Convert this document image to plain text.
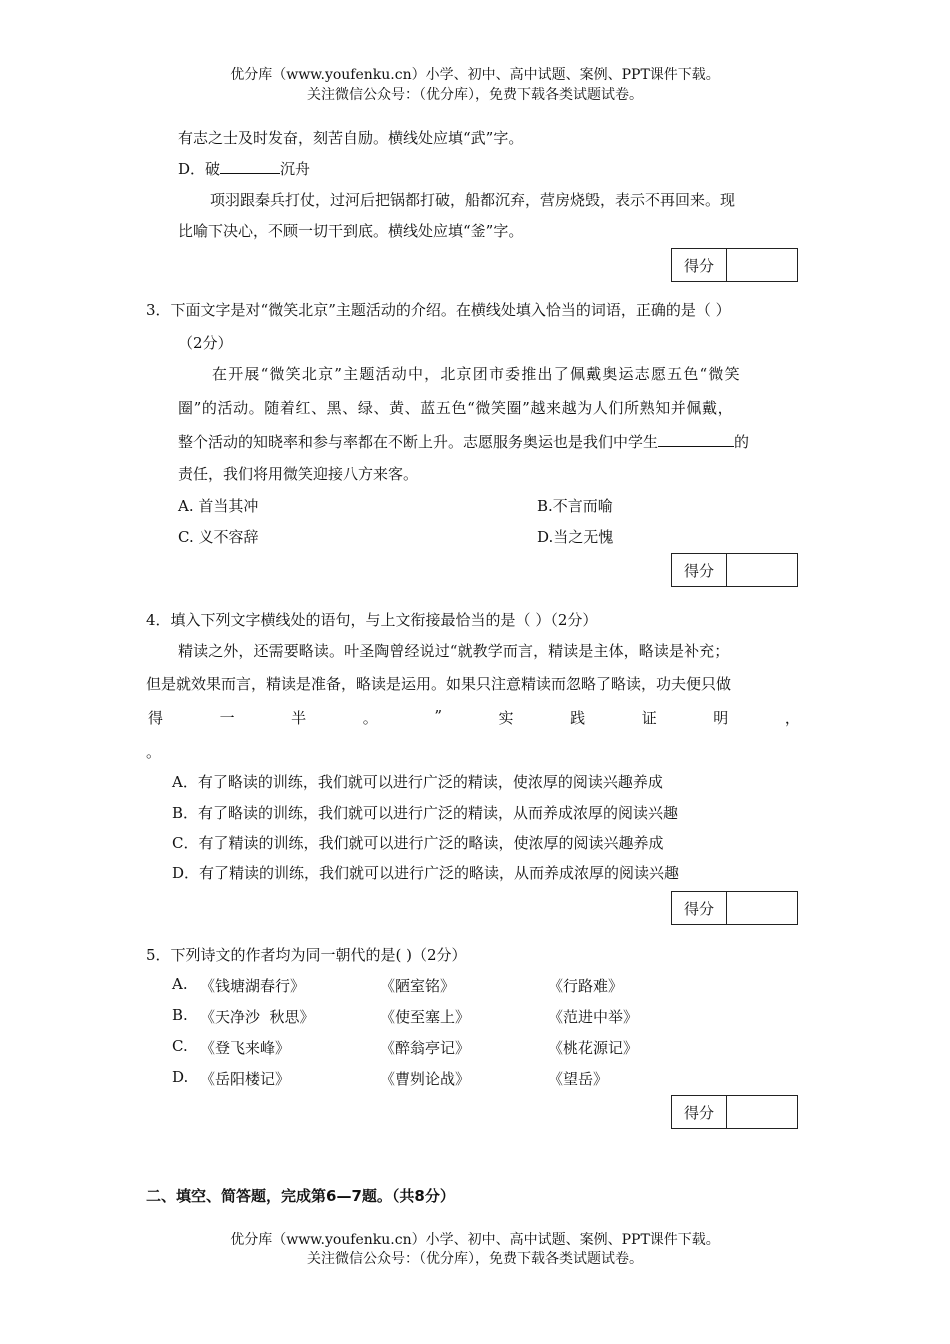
优分库（www.youfenku.cn）小学、初中、高中试题、案例、PPT课件下载。
关注微信公众号：（优分库），免费下载各类试题试卷。
有志之士及时发奋，刻苦自励。横线处应填“武”字。
D．破	沉舟
项羽跟秦兵打仗，过河后把锅都打破，船都沉弃，营房烧毁，表示不再回来。现
比喻下决心，不顾一切干到底。横线处应填“釜”字。
得分
3．下面文字是对“微笑北京”主题活动的介绍。在横线处填入恰当的词语，正确的是（ ）
（2分）
在开展“微笑北京”主题活动中，北京团市委推出了佩戴奥运志愿五色“微笑
圈”的活动。随着红、黑、绿、黄、蓝五色“微笑圈”越来越为人们所熟知并佩戴，
整个活动的知晓率和参与率都在不断上升。志愿服务奥运也是我们中学生	的
责任，我们将用微笑迎接八方来客。
A. 首当其冲	B.不言而喻
C. 义不容辞	D.当之无愧
得分
4．填入下列文字横线处的语句，与上文衔接最恰当的是（ ）（2分）
精读之外，还需要略读。叶圣陶曾经说过“就教学而言，精读是主体，略读是补充；
但是就效果而言，精读是准备，略读是运用。如果只注意精读而忽略了略读，功夫便只做
得	一	半	。	”	实	践	证	明	，
。
A．有了略读的训练，我们就可以进行广泛的精读，使浓厚的阅读兴趣养成
B．有了略读的训练，我们就可以进行广泛的精读，从而养成浓厚的阅读兴趣
C．有了精读的训练，我们就可以进行广泛的略读，使浓厚的阅读兴趣养成
D．有了精读的训练，我们就可以进行广泛的略读，从而养成浓厚的阅读兴趣
得分
5．下列诗文的作者均为同一朝代的是( )（2分）
A. 《钱塘湖春行》	《陋室铭》	《行路难》
B. 《天净沙  秋思》	《使至塞上》	《范进中举》
C. 《登飞来峰》	《醉翁亭记》	《桃花源记》
D. 《岳阳楼记》	《曹刿论战》	《望岳》
得分
二、填空、简答题，完成第6—7题。（共8分）
优分库（www.youfenku.cn）小学、初中、高中试题、案例、PPT课件下载。
关注微信公众号：（优分库），免费下载各类试题试卷。
